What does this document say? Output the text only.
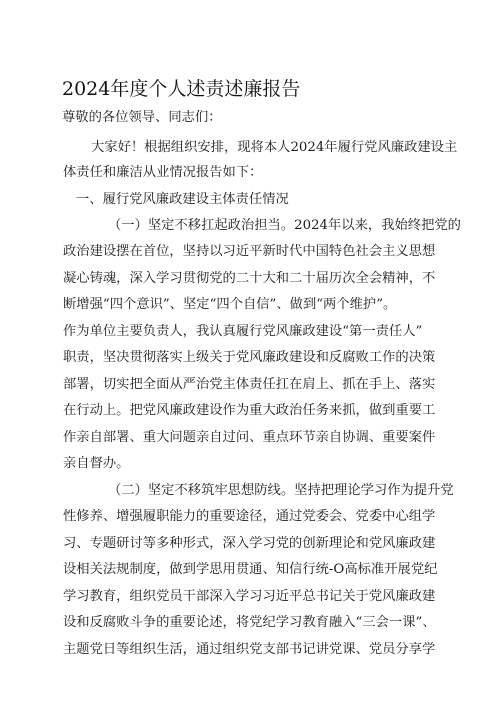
2024年度个人述责述廉报告
尊敬的各位领导、同志们：
大家好！根据组织安排，现将本人2024年履行党风廉政建设主
体责任和廉洁从业情况报告如下：
一、履行党风廉政建设主体责任情况
（一）坚定不移扛起政治担当。2024年以来，我始终把党的
政治建设摆在首位，坚持以习近平新时代中国特色社会主义思想
凝心铸魂，深入学习贯彻党的二十大和二十届历次全会精神，不
断增强“四个意识”、坚定“四个自信”、做到“两个维护”。
作为单位主要负责人，我认真履行党风廉政建设“第一责任人”
职责，坚决贯彻落实上级关于党风廉政建设和反腐败工作的决策
部署，切实把全面从严治党主体责任扛在肩上、抓在手上、落实
在行动上。把党风廉政建设作为重大政治任务来抓，做到重要工
作亲自部署、重大问题亲自过问、重点环节亲自协调、重要案件
亲自督办。
（二）坚定不移筑牢思想防线。坚持把理论学习作为提升党
性修养、增强履职能力的重要途径，通过党委会、党委中心组学
习、专题研讨等多种形式，深入学习党的创新理论和党风廉政建
设相关法规制度，做到学思用贯通、知信行统-O高标准开展党纪
学习教育，组织党员干部深入学习习近平总书记关于党风廉政建
设和反腐败斗争的重要论述，将党纪学习教育融入“三会一课”、
主题党日等组织生活，通过组织党支部书记讲党课、党员分享学
